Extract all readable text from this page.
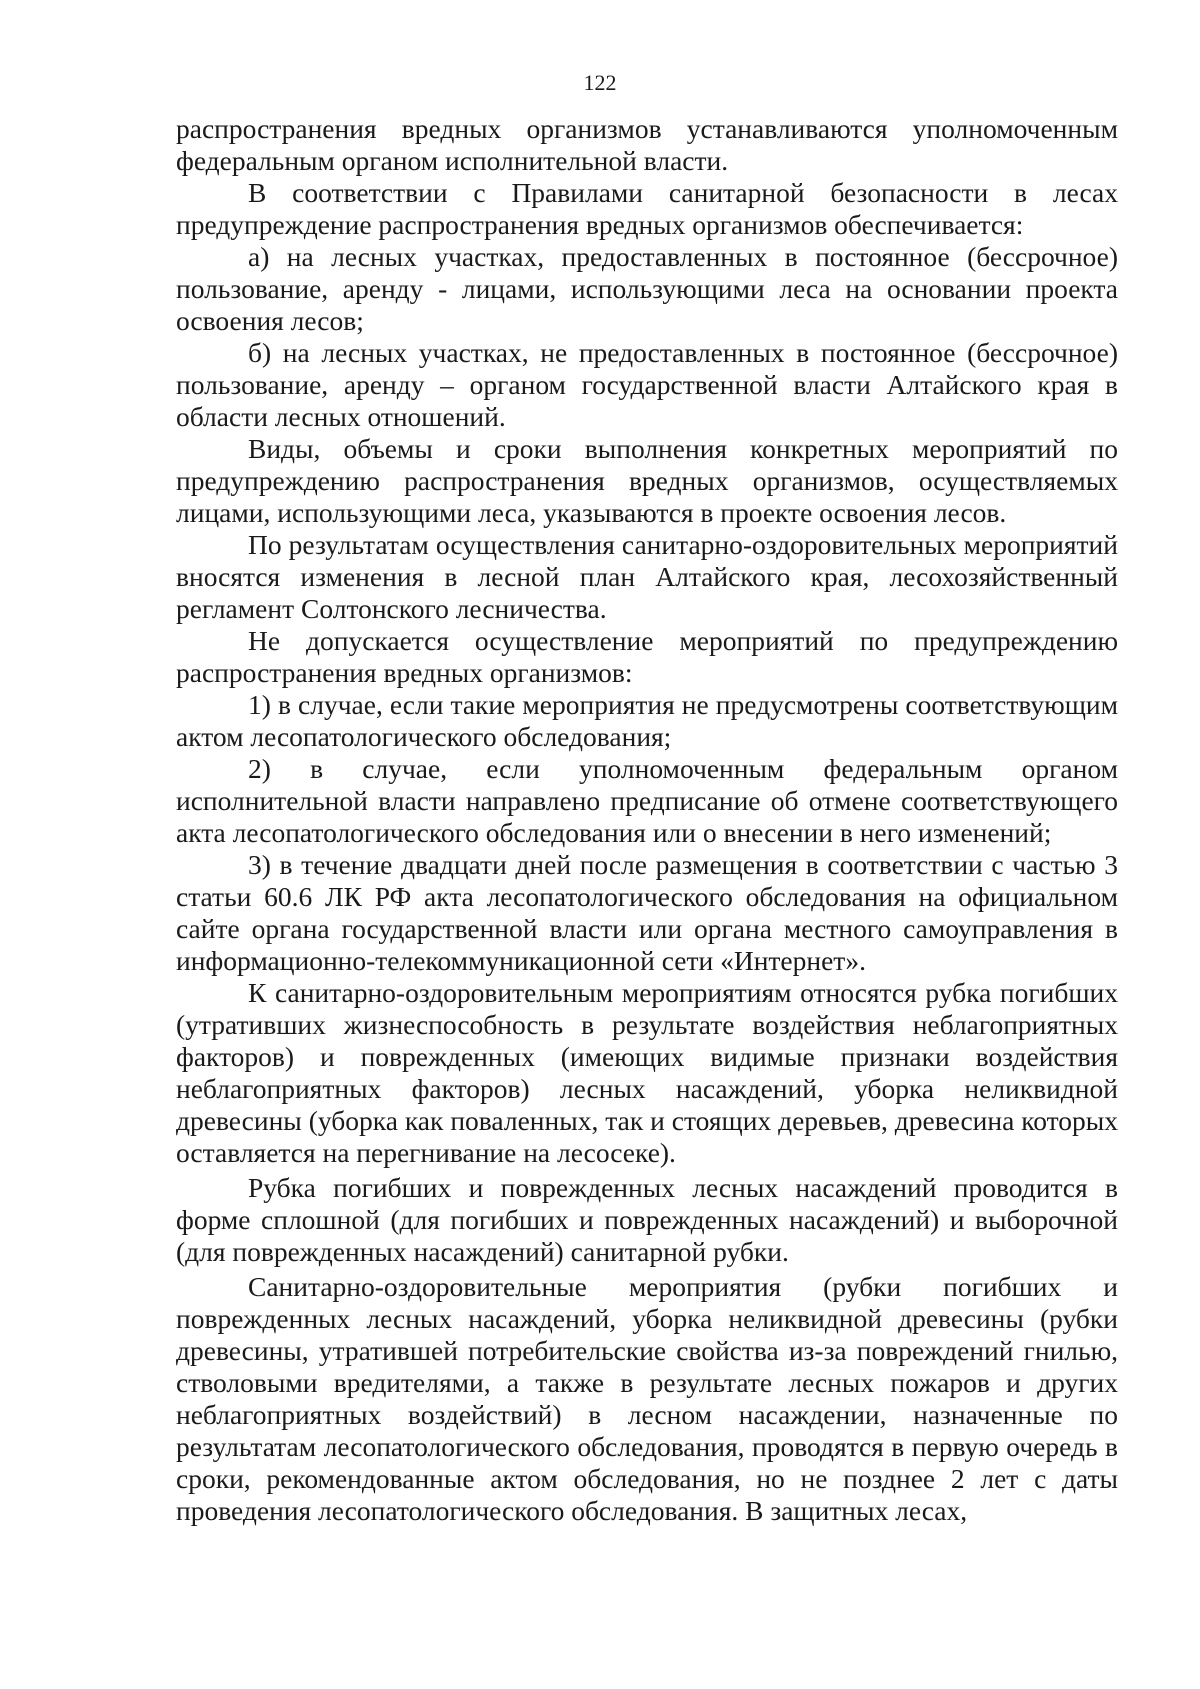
122

распространения вредных организмов устанавливаются уполномоченным федеральным органом исполнительной власти.

В соответствии с Правилами санитарной безопасности в лесах предупреждение распространения вредных организмов обеспечивается:

а) на лесных участках, предоставленных в постоянное (бессрочное) пользование, аренду - лицами, использующими леса на основании проекта освоения лесов;

б) на лесных участках, не предоставленных в постоянное (бессрочное) пользование, аренду – органом государственной власти Алтайского края в области лесных отношений.

Виды, объемы и сроки выполнения конкретных мероприятий по предупреждению распространения вредных организмов, осуществляемых лицами, использующими леса, указываются в проекте освоения лесов.

По результатам осуществления санитарно-оздоровительных мероприятий вносятся изменения в лесной план Алтайского края, лесохозяйственный регламент Солтонского лесничества.

Не допускается осуществление мероприятий по предупреждению распространения вредных организмов:

1) в случае, если такие мероприятия не предусмотрены соответствующим актом лесопатологического обследования;

2) в случае, если уполномоченным федеральным органом исполнительной власти направлено предписание об отмене соответствующего акта лесопатологического обследования или о внесении в него изменений;

3) в течение двадцати дней после размещения в соответствии с частью 3 статьи 60.6 ЛК РФ акта лесопатологического обследования на официальном сайте органа государственной власти или органа местного самоуправления в информационно-телекоммуникационной сети «Интернет».

К санитарно-оздоровительным мероприятиям относятся рубка погибших (утративших жизнеспособность в результате воздействия неблагоприятных факторов) и поврежденных (имеющих видимые признаки воздействия неблагоприятных факторов) лесных насаждений, уборка неликвидной древесины (уборка как поваленных, так и стоящих деревьев, древесина которых оставляется на перегнивание на лесосеке).

Рубка погибших и поврежденных лесных насаждений проводится в форме сплошной (для погибших и поврежденных насаждений) и выборочной (для поврежденных насаждений) санитарной рубки.

Санитарно-оздоровительные мероприятия (рубки погибших и поврежденных лесных насаждений, уборка неликвидной древесины (рубки древесины, утратившей потребительские свойства из-за повреждений гнилью, стволовыми вредителями, а также в результате лесных пожаров и других неблагоприятных воздействий) в лесном насаждении, назначенные по результатам лесопатологического обследования, проводятся в первую очередь в сроки, рекомендованные актом обследования, но не позднее 2 лет с даты проведения лесопатологического обследования. В защитных лесах,
